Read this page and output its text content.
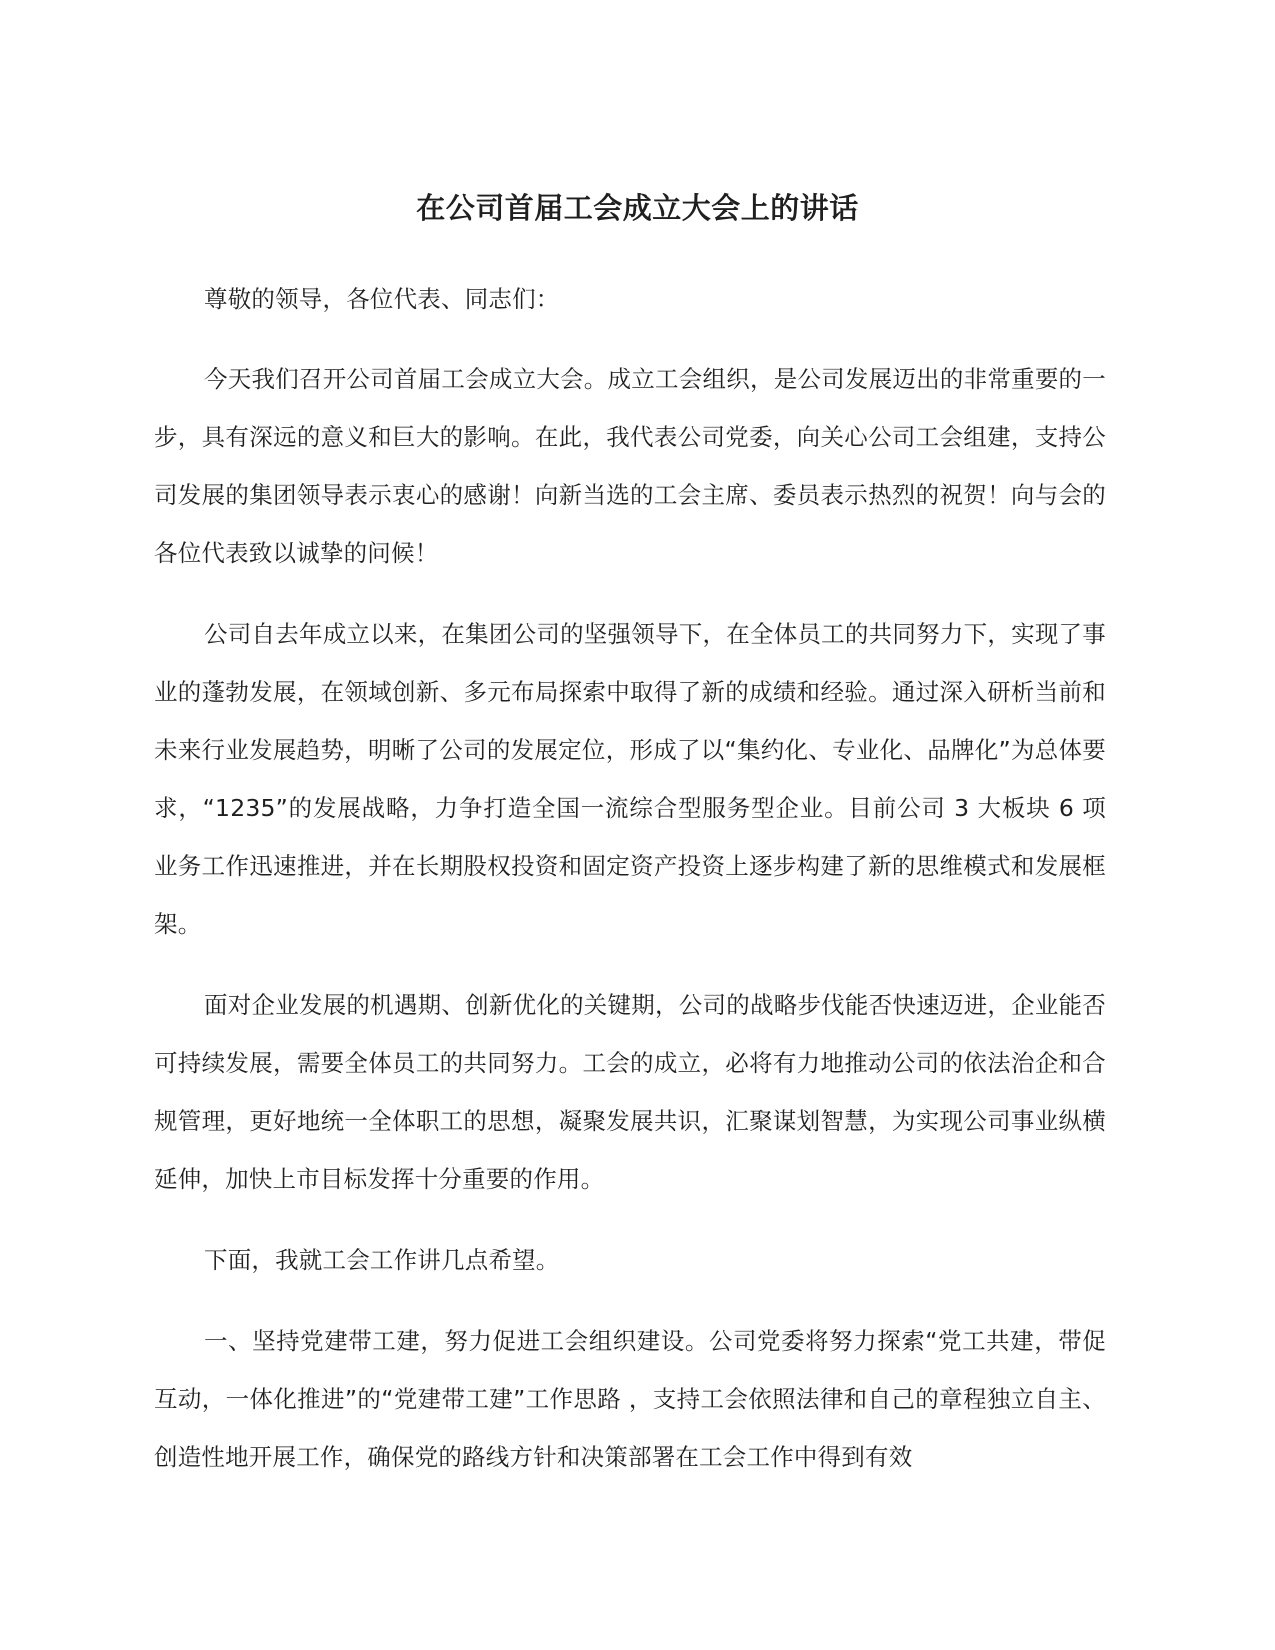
在公司首届工会成立大会上的讲话

尊敬的领导，各位代表、同志们：

今天我们召开公司首届工会成立大会。成立工会组织，是公司发展迈出的非常重要的一步，具有深远的意义和巨大的影响。在此，我代表公司党委，向关心公司工会组建，支持公司发展的集团领导表示衷心的感谢！向新当选的工会主席、委员表示热烈的祝贺！向与会的各位代表致以诚挚的问候！

公司自去年成立以来，在集团公司的坚强领导下，在全体员工的共同努力下，实现了事业的蓬勃发展，在领域创新、多元布局探索中取得了新的成绩和经验。通过深入研析当前和未来行业发展趋势，明晰了公司的发展定位，形成了以“集约化、专业化、品牌化”为总体要求，“1235”的发展战略，力争打造全国一流综合型服务型企业。目前公司 3 大板块 6 项业务工作迅速推进，并在长期股权投资和固定资产投资上逐步构建了新的思维模式和发展框架。

面对企业发展的机遇期、创新优化的关键期，公司的战略步伐能否快速迈进，企业能否可持续发展，需要全体员工的共同努力。工会的成立，必将有力地推动公司的依法治企和合规管理，更好地统一全体职工的思想，凝聚发展共识，汇聚谋划智慧，为实现公司事业纵横延伸，加快上市目标发挥十分重要的作用。

下面，我就工会工作讲几点希望。

一、坚持党建带工建，努力促进工会组织建设。公司党委将努力探索“党工共建，带促互动，一体化推进”的“党建带工建”工作思路 ，支持工会依照法律和自己的章程独立自主、创造性地开展工作，确保党的路线方针和决策部署在工会工作中得到有效
